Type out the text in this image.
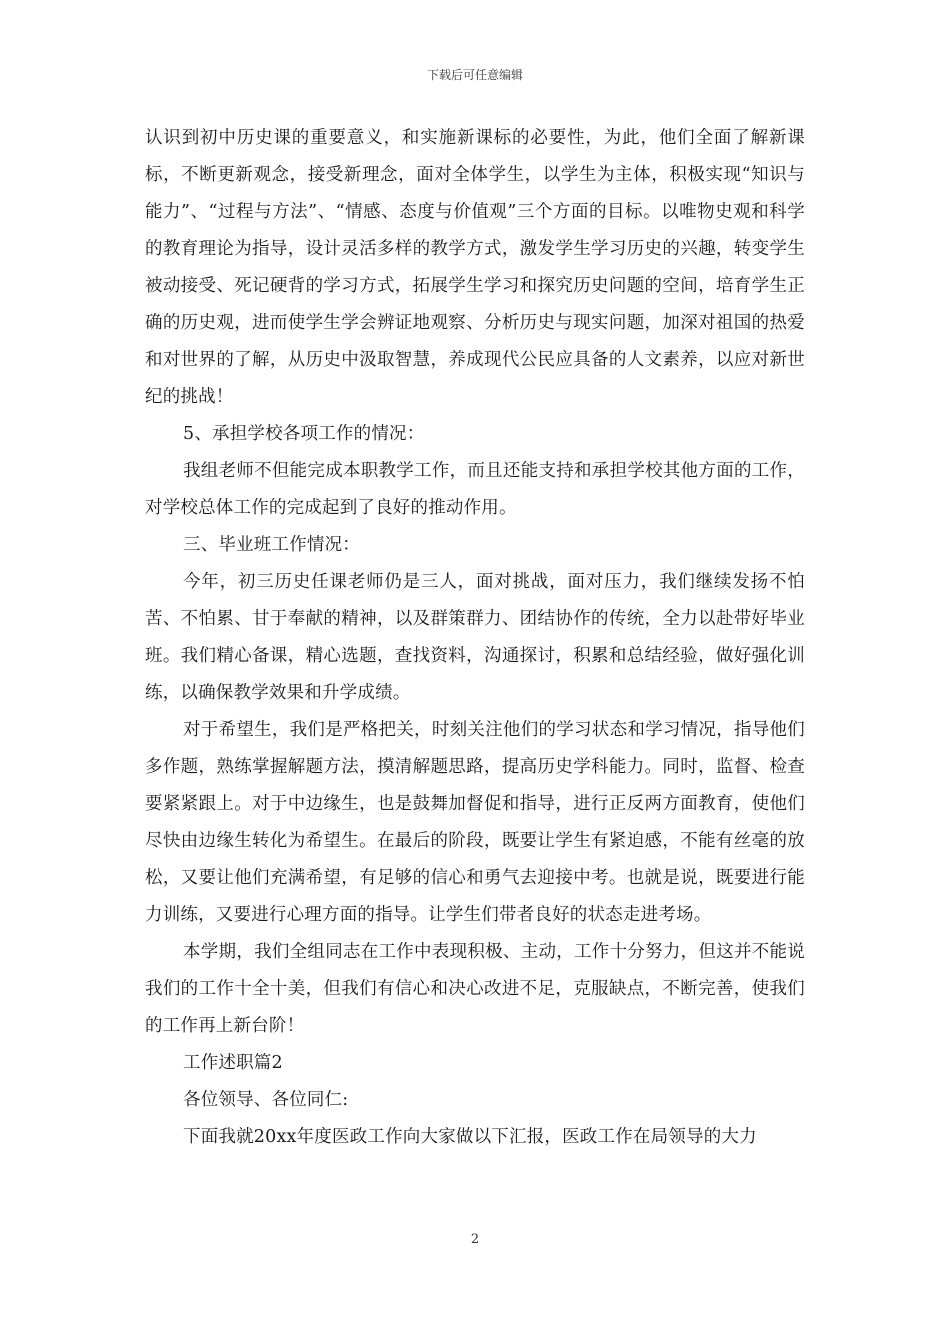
下载后可任意编辑

认识到初中历史课的重要意义，和实施新课标的必要性，为此，他们全面了解新课标，不断更新观念，接受新理念，面对全体学生，以学生为主体，积极实现“知识与能力”、“过程与方法”、“情感、态度与价值观”三个方面的目标。以唯物史观和科学的教育理论为指导，设计灵活多样的教学方式，激发学生学习历史的兴趣，转变学生被动接受、死记硬背的学习方式，拓展学生学习和探究历史问题的空间，培育学生正确的历史观，进而使学生学会辨证地观察、分析历史与现实问题，加深对祖国的热爱和对世界的了解，从历史中汲取智慧，养成现代公民应具备的人文素养，以应对新世纪的挑战！

5、承担学校各项工作的情况：

我组老师不但能完成本职教学工作，而且还能支持和承担学校其他方面的工作，对学校总体工作的完成起到了良好的推动作用。

三、毕业班工作情况：

今年，初三历史任课老师仍是三人，面对挑战，面对压力，我们继续发扬不怕苦、不怕累、甘于奉献的精神，以及群策群力、团结协作的传统，全力以赴带好毕业班。我们精心备课，精心选题，查找资料，沟通探讨，积累和总结经验，做好强化训练，以确保教学效果和升学成绩。

对于希望生，我们是严格把关，时刻关注他们的学习状态和学习情况，指导他们多作题，熟练掌握解题方法，摸清解题思路，提高历史学科能力。同时，监督、检查要紧紧跟上。对于中边缘生，也是鼓舞加督促和指导，进行正反两方面教育，使他们尽快由边缘生转化为希望生。在最后的阶段，既要让学生有紧迫感，不能有丝毫的放松，又要让他们充满希望，有足够的信心和勇气去迎接中考。也就是说，既要进行能力训练，又要进行心理方面的指导。让学生们带者良好的状态走进考场。

本学期，我们全组同志在工作中表现积极、主动，工作十分努力，但这并不能说我们的工作十全十美，但我们有信心和决心改进不足，克服缺点，不断完善，使我们的工作再上新台阶！

工作述职篇2

各位领导、各位同仁:

下面我就20xx年度医政工作向大家做以下汇报，医政工作在局领导的大力

2
